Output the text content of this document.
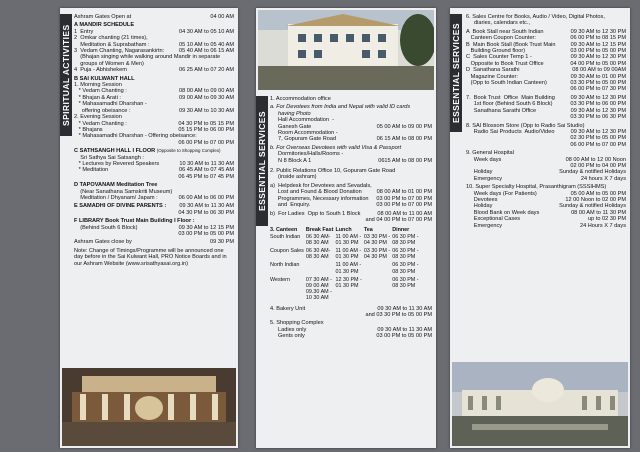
SPIRITUAL ACTIVITIES
ESSENTIAL SERVICES
ESSENTIAL SERVICES
Ashram Gates Open at	04 00 AM
A MANDIR SCHEDULE
1  Entry	04 30 AM to 05 10 AM
2  Omkar chanting (21 times),
Meditation & Suprabatham :	05 10 AM to 05 40 AM
3  Vedam Chanting, Nagarasankirtn:	05 40 AM to 06 15 AM
(Bhajan singing while walking around Mandir in separate
groups of Women & Men)
4  Puja - Abhishekem	06 25 AM to 07 20 AM
B SAI KULWANT HALL
1. Morning Session
* Vedam Chanting :	08 00 AM to 09 00 AM
* Bhajan & Arati :	09 00 AM to 09 30 AM
* Mahasamadhi Dharshan -
offering obeisance :	09 30 AM to 10 30 AM
2. Evening Session
* Vedam Chanting :	04 30 PM to 05 15 PM
* Bhajans	05 15 PM to 06 00 PM
* Mahasamadhi Dharshan - Offering obeisance:
06 00 PM to 07 00 PM
C SATHSANGH HALL I FLOOR (Opposite to Shopping Complex)
Sri Sathya Sai Satsangh :
* Lectures by Revered Speakers	10 30 AM to 11 30 AM
* Meditation	06 45 AM to 07 45 AM
06 45 PM to 07 45 PM
D TAPOVANAM Meditation Tree
(Near Sanathana Samskriti Museum)
Meditation / Dhyanam/ Japam :	06 00 AM to 06 00 PM
E SAMADHI OF DIVINE PARENTS : 09 30 AM to 11 30 AM
04 30 PM to 06 30 PM
F LIBRARY Book Trust Main Building I Floor :
(Behind South 6 Block)	09 30 AM to 12 15 PM
03 00 PM to 05 00 PM
Ashram Gates close by	09 30 PM
Note: Change of Timings/Programme will be announced one day before in the Sai Kulwant Hall, PRO Notice Boards and in our Ashram Website (www.srisathyasai.org.in)
1. Accommodation office
a. For Devotees from India and Nepal with valid ID cards
having Photo
Hall Accommodation  -
Ganesh Gate	05 00 AM to 09 00 PM
Room Accommodation -
7, Gopuram Gate Road	06 15 AM to 08 00 PM
b. For Overseas Devotees with valid Visa & Passport
Dormitories/Halls/Rooms -
N 8 Block A 1	0615 AM to 08 00 PM
2. Public Relations Office 10, Gopuram Gate Road
(inside ashram)
a)  Helpdesk for Devotees and Sevadals,
Lost and Found & Blood Donation	08 00 AM to 01 00 PM
Programmes, Necessary information 03 00 PM to 07 00 PM
and  Enquiry.	03 00 PM to 07 00 PM
b)  For Ladies  Opp to South 1 Block	08 00 AM to 11 00 AM
and 04 00 PM to 07 00 PM
3. Canteen	Break Fast	Lunch	Tea	Dinner
South Indian	06 30 AM-
08 30 AM	11 00 AM -
01 30 PM	03 30 PM -
04 30 PM	06 30 PM -
08 30 PM
Coupon Sales	06 30 AM-
08 30 AM	11 00 AM -
01 30 PM	03 30 PM -
04 30 PM	06 30 PM -
08 30 PM
North Indian		11 00 AM -
01 30 PM		06 30 PM -
08 30 PM
Western	07 30 AM -
09 00 AM
09.30 AM -
10 30 AM	12 30 PM -
01 30 PM		06 30 PM -
08 30 PM
4. Bakery Unit	09 30 AM to 11 30 AM
and 03 30 PM to 05 00 PM
5. Shopping Complex
Ladies only	09 30 AM to 11 30 AM
Gents only	03 00 PM to 05 00 PM
6. Sales Centre for Books, Audio / Video, Digital Photos,
diaries, calendars etc.,
A  Book Stall near South Indian	09 30 AM to 12 30 PM
Canteen Coupon Counter:	06 00 PM to 08 15 PM
B  Main Book Stall (Book Trust Main	09 30 AM to 12 15 PM
Building Ground floor)	03 00 PM to 05 00 PM
C  Sales Counter Temp 1 -	09 30 AM to 12 30 PM
Opposite to Book Trust Office	04 00 PM to 05 00 PM
D  Sanathana Sarathi	08 00 AM to 09 00AM
Magazine Counter:	09 30 AM to 01 00 PM
(Opp to South Indian Canteen)	03 30 PM to 05 00 PM
06 00 PM to 07 30 PM
7.  Book Trust  Office  Main Building	09 30 AM to 12 30 PM
1st floor (Behind South 6 Block)	03 30 PM to 06 00 PM
Sanathana Sarathi Office	09 30 AM to 12 30 PM
03 30 PM to 06 30 PM
8. SAI Blossom Store (Opp to Radio Sai Studio)
Radio Sai Products  Audio/Video	09 30 AM to 12 30 PM
02 30 PM to 05 00 PM
06 00 PM to 07 00 PM
9. General Hospital
Week days	08 00 AM to 12 00 Noon
02 00 PM to 04 00 PM
Holiday	Sunday & notified Holidays
Emergency	24 hours X 7 days
10. Super Specialty Hospital, Prasanthigram (SSSIHMS)
Week days (For Patients)	05 00 AM to 05 00 PM
Devotees	12 00 Noon to 02 00 PM
Holiday	Sunday & notified Holidays
Blood Bank on Week days	08 00 AM to 11 30 PM
Exceptional Cases	up to 02 30 PM
Emergency	24 Hours X 7 days
